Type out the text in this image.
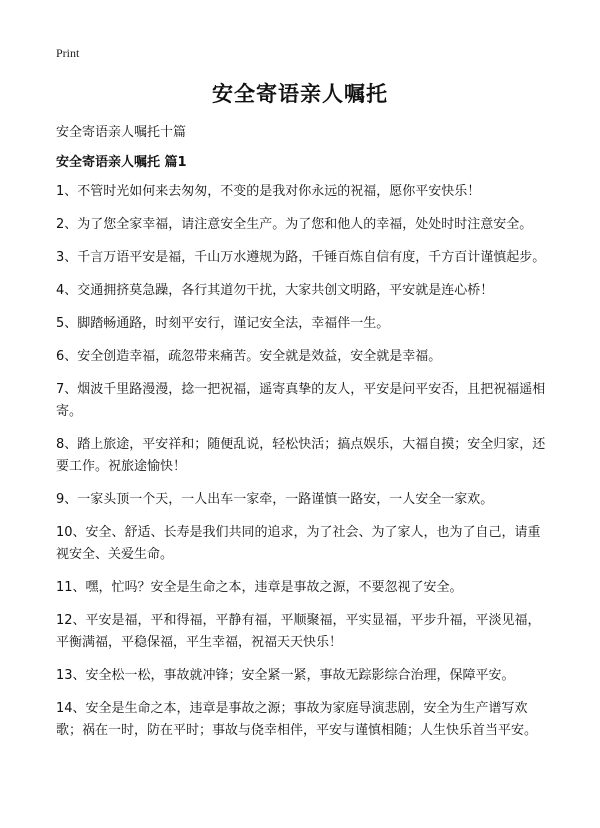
Print
安全寄语亲人嘱托
安全寄语亲人嘱托十篇
安全寄语亲人嘱托 篇1
1、不管时光如何来去匆匆，不变的是我对你永远的祝福，愿你平安快乐！
2、为了您全家幸福，请注意安全生产。为了您和他人的幸福，处处时时注意安全。
3、千言万语平安是福，千山万水遵规为路，千锤百炼自信有度，千方百计谨慎起步。
4、交通拥挤莫急躁，各行其道勿干扰，大家共创文明路，平安就是连心桥！
5、脚踏畅通路，时刻平安行，谨记安全法，幸福伴一生。
6、安全创造幸福，疏忽带来痛苦。安全就是效益，安全就是幸福。
7、烟波千里路漫漫，捻一把祝福，遥寄真挚的友人，平安是问平安否，且把祝福遥相寄。
8、踏上旅途，平安祥和；随便乱说，轻松快活；搞点娱乐，大福自摸；安全归家，还要工作。祝旅途愉快！
9、一家头顶一个天，一人出车一家牵，一路谨慎一路安，一人安全一家欢。
10、安全、舒适、长寿是我们共同的追求，为了社会、为了家人，也为了自己，请重视安全、关爱生命。
11、嘿，忙吗？安全是生命之本，违章是事故之源，不要忽视了安全。
12、平安是福，平和得福，平静有福，平顺聚福，平实显福，平步升福，平淡见福，平衡满福，平稳保福，平生幸福，祝福天天快乐！
13、安全松一松，事故就冲锋；安全紧一紧，事故无踪影综合治理，保障平安。
14、安全是生命之本，违章是事故之源；事故为家庭导演悲剧，安全为生产谱写欢歌；祸在一时，防在平时；事故与侥幸相伴，平安与谨慎相随；人生快乐首当平安。
